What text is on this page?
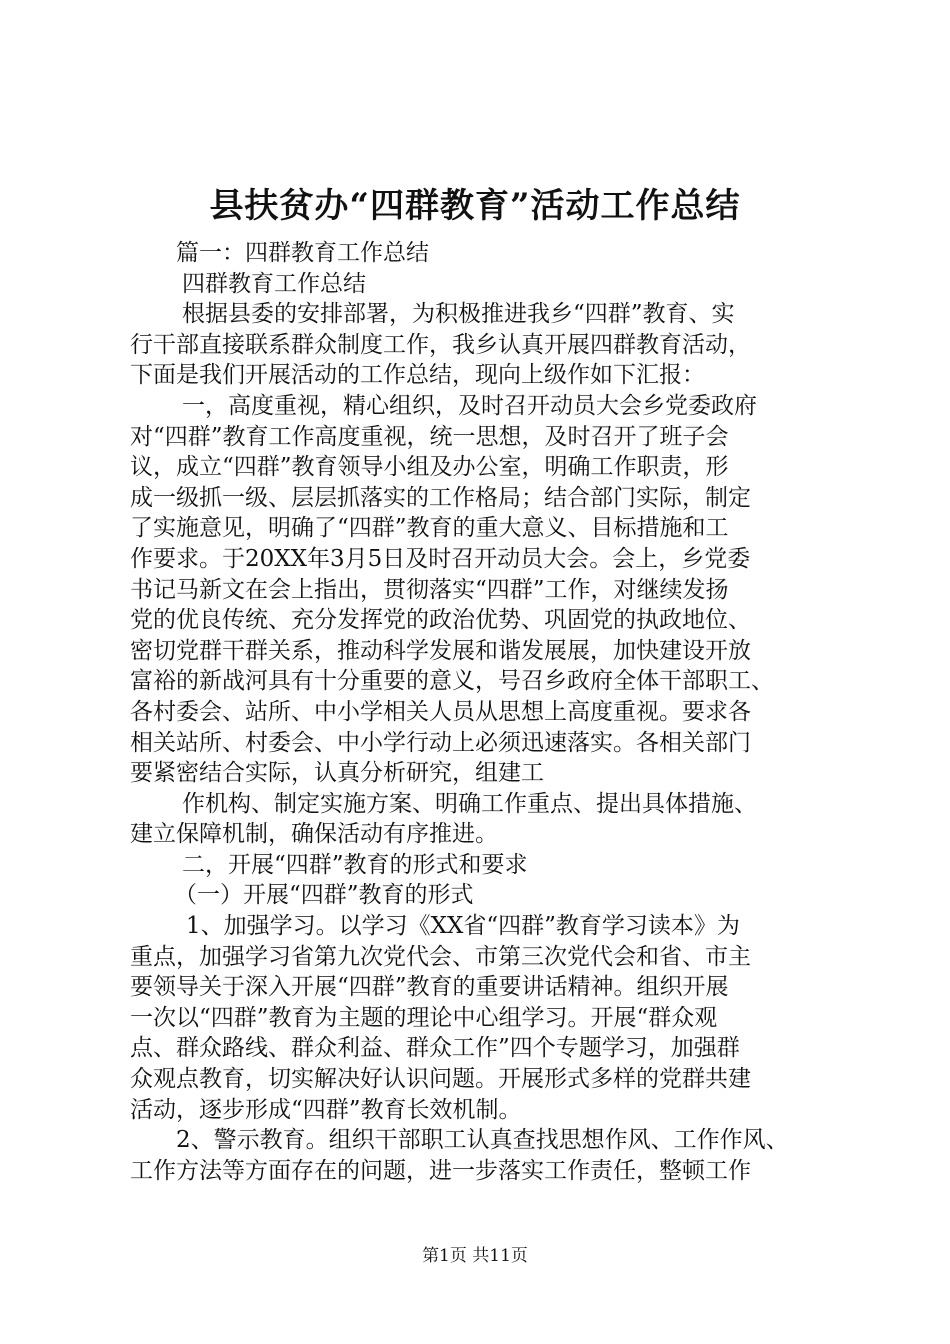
县扶贫办“四群教育”活动工作总结
篇一：四群教育工作总结
四群教育工作总结
根据县委的安排部署，为积极推进我乡“四群”教育、实
行干部直接联系群众制度工作，我乡认真开展四群教育活动，
下面是我们开展活动的工作总结，现向上级作如下汇报：
一，高度重视，精心组织，及时召开动员大会乡党委政府
对“四群”教育工作高度重视，统一思想，及时召开了班子会
议，成立“四群”教育领导小组及办公室，明确工作职责，形
成一级抓一级、层层抓落实的工作格局；结合部门实际，制定
了实施意见，明确了“四群”教育的重大意义、目标措施和工
作要求。于20XX年3月5日及时召开动员大会。会上，乡党委
书记马新文在会上指出，贯彻落实“四群”工作，对继续发扬
党的优良传统、充分发挥党的政治优势、巩固党的执政地位、
密切党群干群关系，推动科学发展和谐发展展，加快建设开放
富裕的新战河具有十分重要的意义，号召乡政府全体干部职工、
各村委会、站所、中小学相关人员从思想上高度重视。要求各
相关站所、村委会、中小学行动上必须迅速落实。各相关部门
要紧密结合实际，认真分析研究，组建工
作机构、制定实施方案、明确工作重点、提出具体措施、
建立保障机制，确保活动有序推进。
二，开展“四群”教育的形式和要求
（一）开展“四群”教育的形式
1、加强学习。以学习《XX省“四群”教育学习读本》为
重点，加强学习省第九次党代会、市第三次党代会和省、市主
要领导关于深入开展“四群”教育的重要讲话精神。组织开展
一次以“四群”教育为主题的理论中心组学习。开展“群众观
点、群众路线、群众利益、群众工作”四个专题学习，加强群
众观点教育，切实解决好认识问题。开展形式多样的党群共建
活动，逐步形成“四群”教育长效机制。
2、警示教育。组织干部职工认真查找思想作风、工作作风、
工作方法等方面存在的问题，进一步落实工作责任，整顿工作
第1页 共11页
